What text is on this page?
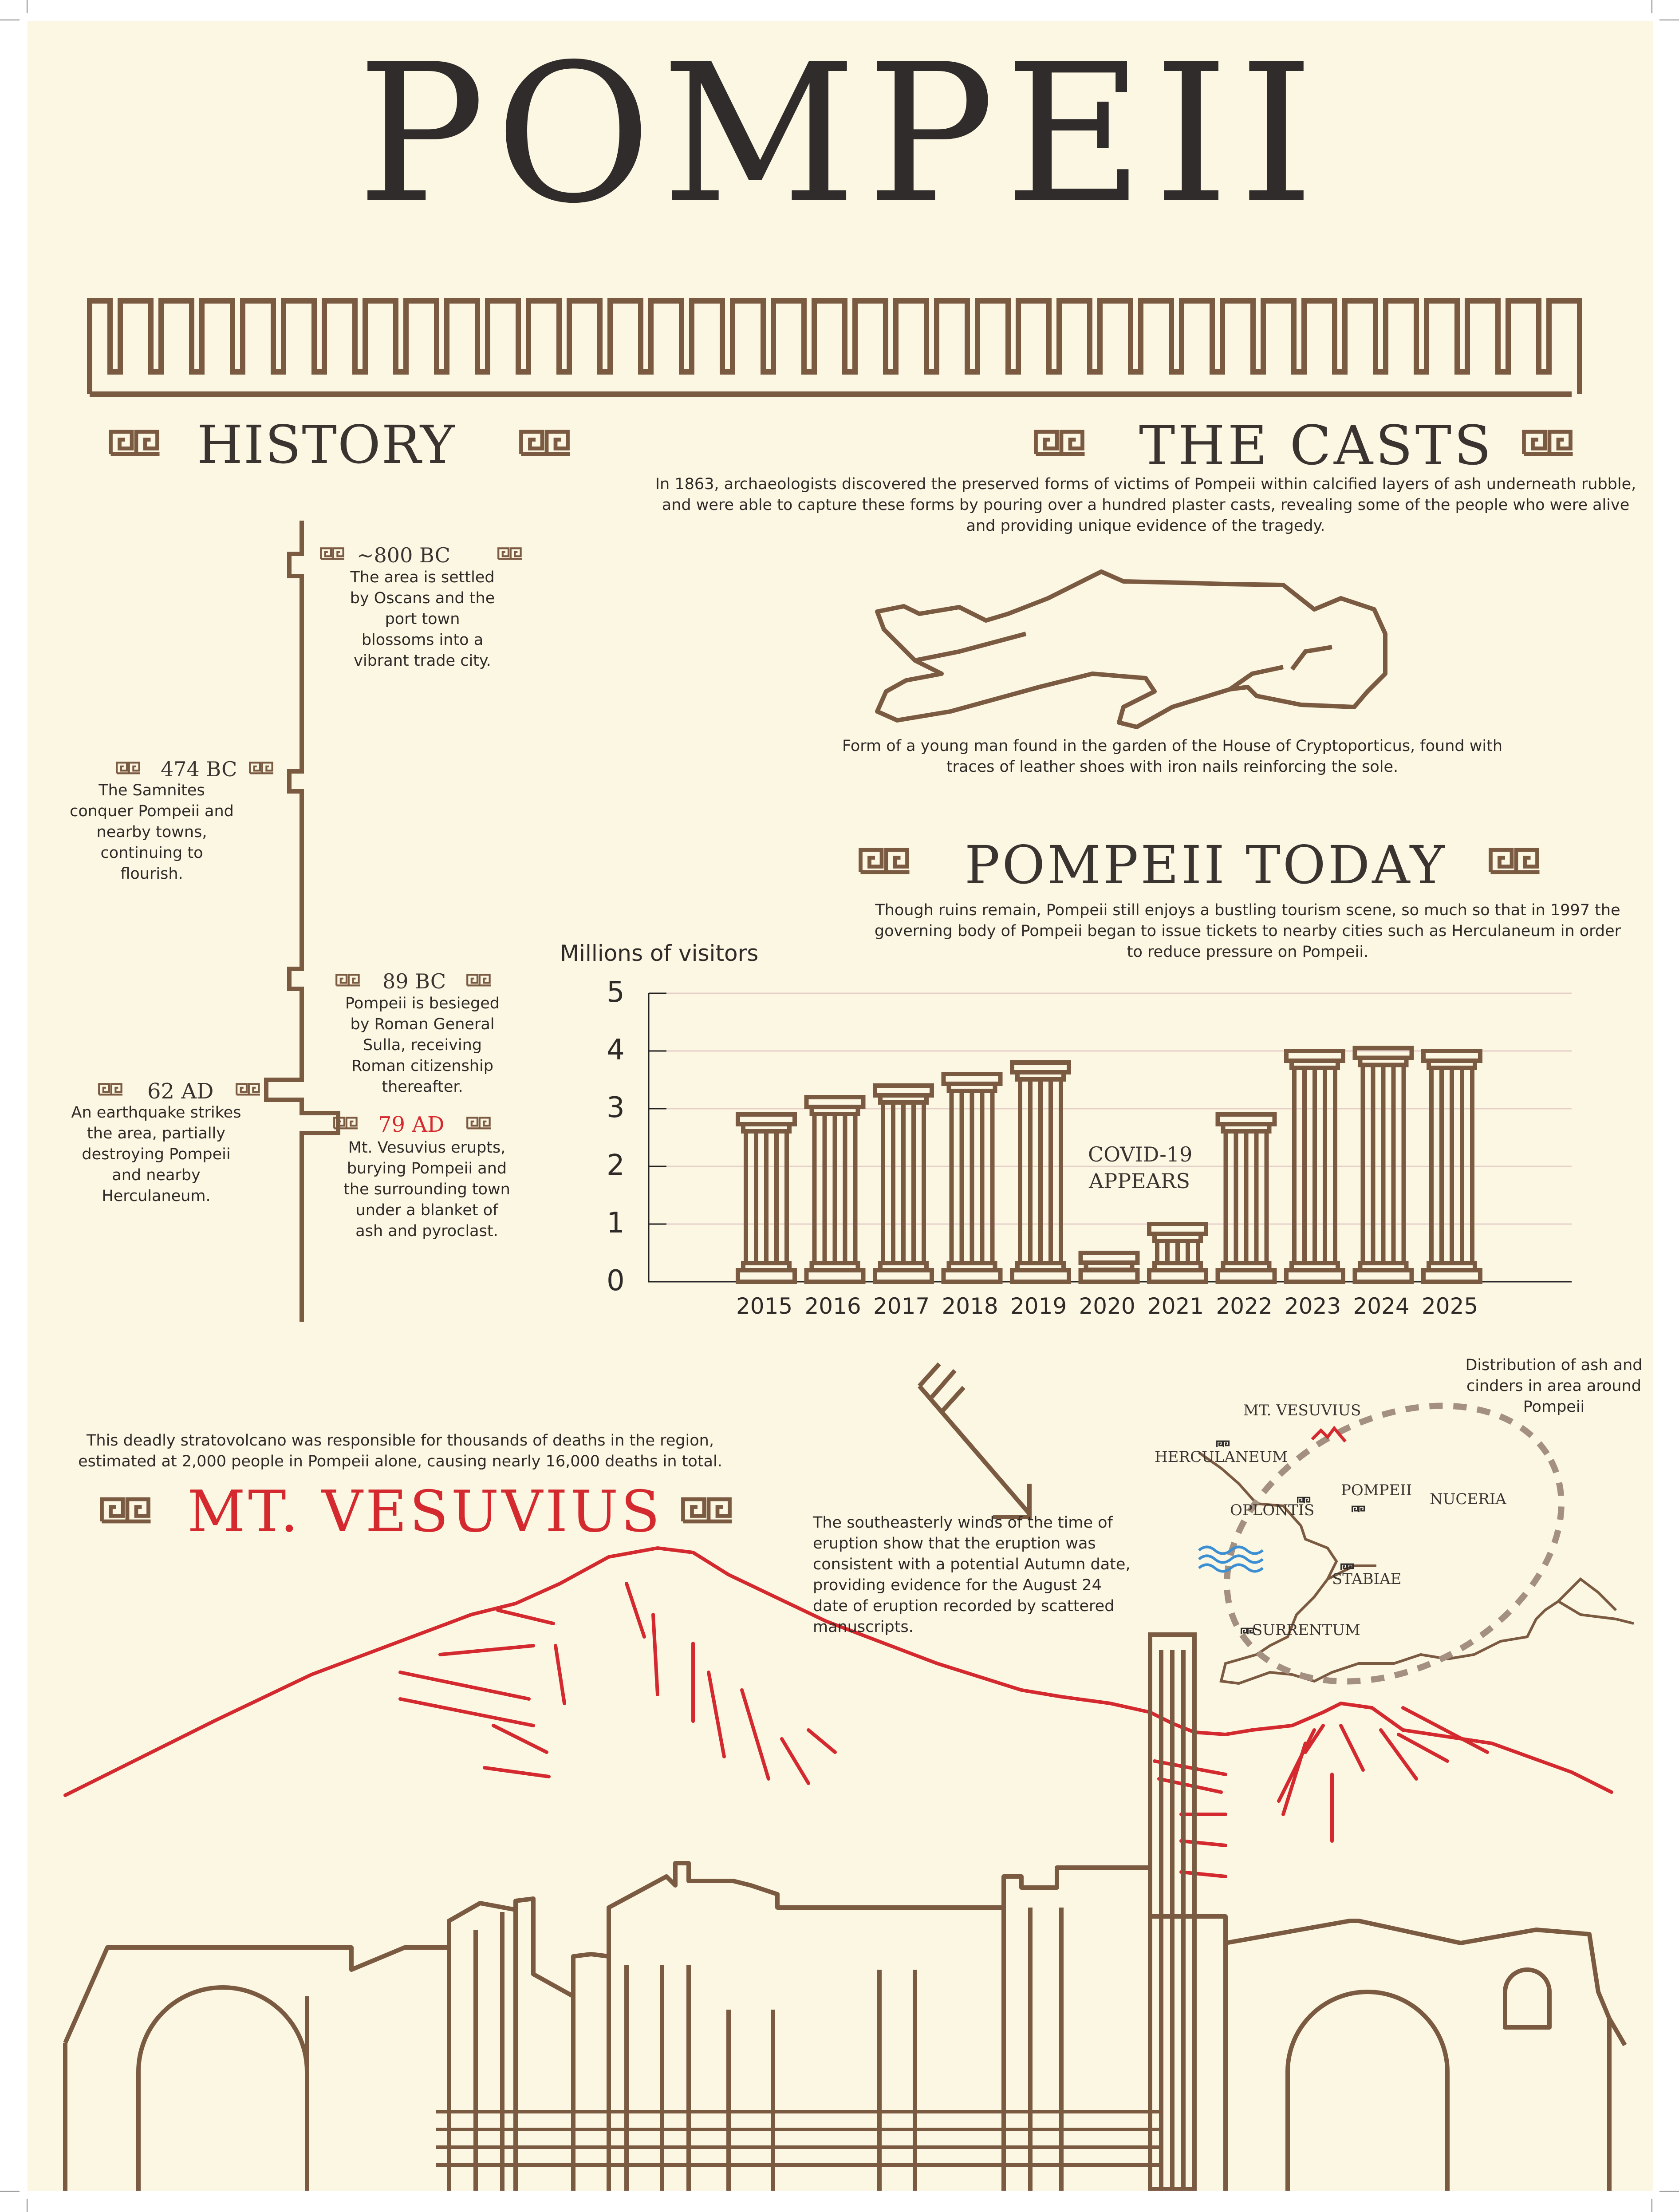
POMPEII
HISTORY	THE CASTS
POMPEII TODAY
MT. VESUVIUS
~800 BC
The area is settled by Oscans and the port town blossoms into a vibrant trade city.
474 BC
The Samnites conquer Pompeii and nearby towns, continuing to flourish.
89 BC
Pompeii is besieged by Roman General Sulla, receiving Roman citizenship thereafter.
62 AD
An earthquake strikes the area, partially destroying Pompeii and nearby Herculaneum.
79 AD
Mt. Vesuvius erupts, burying Pompeii and the surrounding town under a blanket of ash and pyroclast.
In 1863, archaeologists discovered the preserved forms of victims of Pompeii within calcified layers of ash underneath rubble, and were able to capture these forms by pouring over a hundred plaster casts, revealing some of the people who were alive and providing unique evidence of the tragedy.
Form of a young man found in the garden of the House of Cryptoporticus, found with traces of leather shoes with iron nails reinforcing the sole.
Though ruins remain, Pompeii still enjoys a bustling tourism scene, so much so that in 1997 the governing body of Pompeii began to issue tickets to nearby cities such as Herculaneum in order to reduce pressure on Pompeii.
Millions of visitors
0
1
2
3
4
5
2015 2016 2017 2018 2019 2020 2021 2022 2023 2024 2025
COVID-19
APPEARS
This deadly stratovolcano was responsible for thousands of deaths in the region, estimated at 2,000 people in Pompeii alone, causing nearly 16,000 deaths in total.
The southeasterly winds of the time of eruption show that the eruption was consistent with a potential Autumn date, providing evidence for the August 24 date of eruption recorded by scattered manuscripts.
Distribution of ash and cinders in area around Pompeii
MT. VESUVIUS
HERCULANEUM
OPLONTIS
POMPEII NUCERIA
STABIAE
SURRENTUM
